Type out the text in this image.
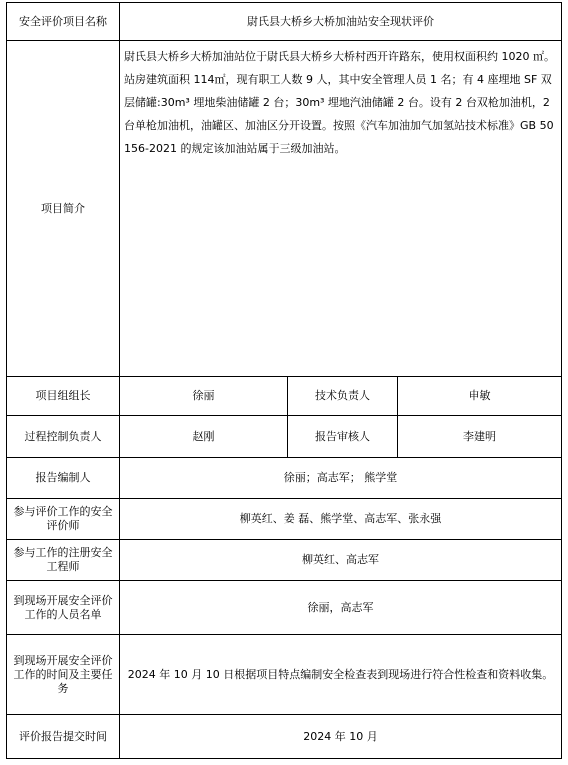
安全评价项目名称	尉氏县大桥乡大桥加油站安全现状评价		
项目简介	尉氏县大桥乡大桥加油站位于尉氏县大桥乡大桥村西开许路东，使用权面积约 1020 ㎡。站房建筑面积 114㎡，现有职工人数 9 人，其中安全管理人员 1 名；有 4 座埋地 SF 双层储罐:30m³ 埋地柴油储罐 2 台；30m³ 埋地汽油储罐 2 台。设有 2 台双枪加油机，2 台单枪加油机，油罐区、加油区分开设置。按照《汽车加油加气加氢站技术标准》GB 50156-2021 的规定该加油站属于三级加油站。		
项目组组长	徐丽	技术负责人	申敏
过程控制负责人	赵刚	报告审核人	李建明
报告编制人	徐丽；高志军； 熊学堂		
参与评价工作的安全评价师	柳英红、姜 磊、熊学堂、高志军、张永强		
参与工作的注册安全工程师	柳英红、高志军		
到现场开展安全评价工作的人员名单	徐丽，高志军		
到现场开展安全评价工作的时间及主要任务	2024 年 10 月 10 日根据项目特点编制安全检查表到现场进行符合性检查和资料收集。		
评价报告提交时间	2024 年 10 月		
